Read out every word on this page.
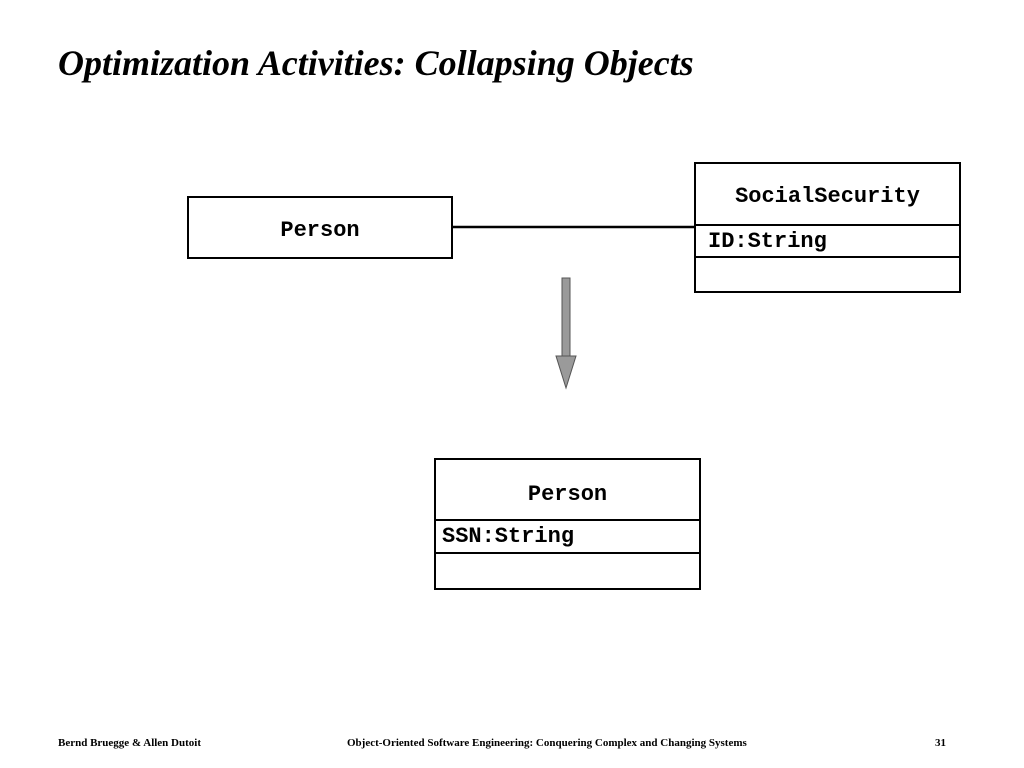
Optimization Activities: Collapsing Objects
Person
SocialSecurity
ID:String
Person
SSN:String
Bernd Bruegge & Allen Dutoit	Object-Oriented Software Engineering: Conquering Complex and Changing Systems	31
